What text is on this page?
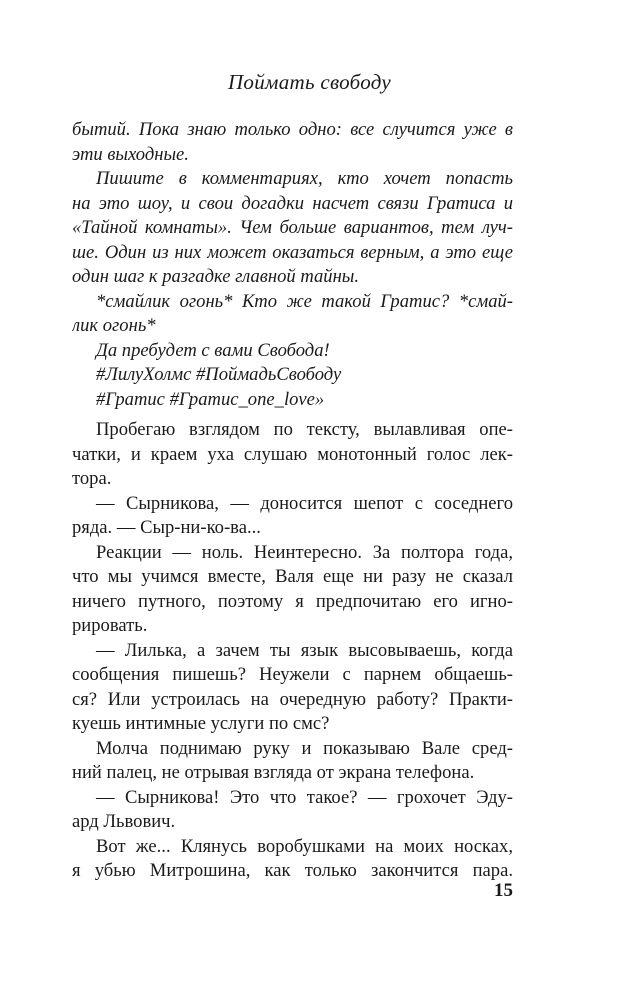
Поймать свободу
бытий. Пока знаю только одно: все случится уже в
эти выходные.
Пишите в комментариях, кто хочет попасть
на это шоу, и свои догадки насчет связи Гратиса и
«Тайной комнаты». Чем больше вариантов, тем луч-
ше. Один из них может оказаться верным, а это еще
один шаг к разгадке главной тайны.
*смайлик огонь* Кто же такой Гратис? *смай-
лик огонь*
Да пребудет с вами Свобода!
#ЛилуХолмс #ПоймадьСвободу
#Гратис #Гратис_one_love»
Пробегаю взглядом по тексту, вылавливая опе-
чатки, и краем уха слушаю монотонный голос лек-
тора.
— Сырникова, — доносится шепот с соседнего
ряда. — Сыр-ни-ко-ва...
Реакции — ноль. Неинтересно. За полтора года,
что мы учимся вместе, Валя еще ни разу не сказал
ничего путного, поэтому я предпочитаю его игно-
рировать.
— Лилька, а зачем ты язык высовываешь, когда
сообщения пишешь? Неужели с парнем общаешь-
ся? Или устроилась на очередную работу? Практи-
куешь интимные услуги по смс?
Молча поднимаю руку и показываю Вале сред-
ний палец, не отрывая взгляда от экрана телефона.
— Сырникова! Это что такое? — грохочет Эду-
ард Львович.
Вот же... Клянусь воробушками на моих носках,
я убью Митрошина, как только закончится пара.
15
